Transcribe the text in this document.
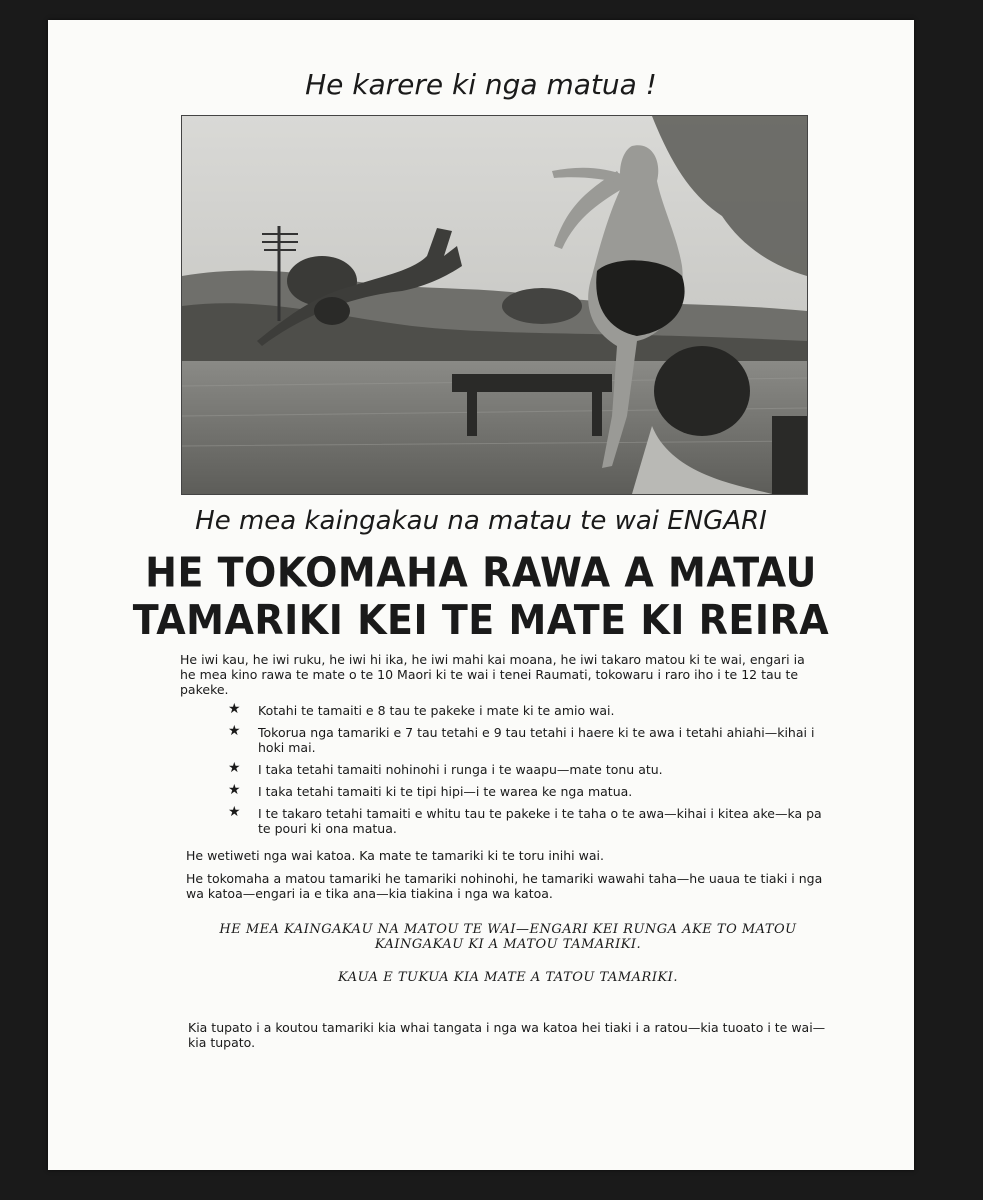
He karere ki nga matua !
He mea kaingakau na matau te wai ENGARI
HE TOKOMAHA RAWA A MATAU
TAMARIKI KEI TE MATE KI REIRA
He iwi kau, he iwi ruku, he iwi hi ika, he iwi mahi kai moana, he iwi takaro matou ki te wai, engari ia he mea kino rawa te mate o te 10 Maori ki te wai i tenei Raumati, tokowaru i raro iho i te 12 tau te pakeke.
★ Kotahi te tamaiti e 8 tau te pakeke i mate ki te amio wai.
★ Tokorua nga tamariki e 7 tau tetahi e 9 tau tetahi i haere ki te awa i tetahi ahiahi—kihai i hoki mai.
★ I taka tetahi tamaiti nohinohi i runga i te waapu—mate tonu atu.
★ I taka tetahi tamaiti ki te tipi hipi—i te warea ke nga matua.
★ I te takaro tetahi tamaiti e whitu tau te pakeke i te taha o te awa—kihai i kitea ake—ka pa te pouri ki ona matua.
He wetiweti nga wai katoa. Ka mate te tamariki ki te toru inihi wai.
He tokomaha a matou tamariki he tamariki nohinohi, he tamariki wawahi taha—he uaua te tiaki i nga wa katoa—engari ia e tika ana—kia tiakina i nga wa katoa.
HE MEA KAINGAKAU NA MATOU TE WAI—ENGARI KEI RUNGA AKE TO MATOU KAINGAKAU KI A MATOU TAMARIKI.
KAUA E TUKUA KIA MATE A TATOU TAMARIKI.
Kia tupato i a koutou tamariki kia whai tangata i nga wa katoa hei tiaki i a ratou—kia tuoato i te wai—kia tupato.
